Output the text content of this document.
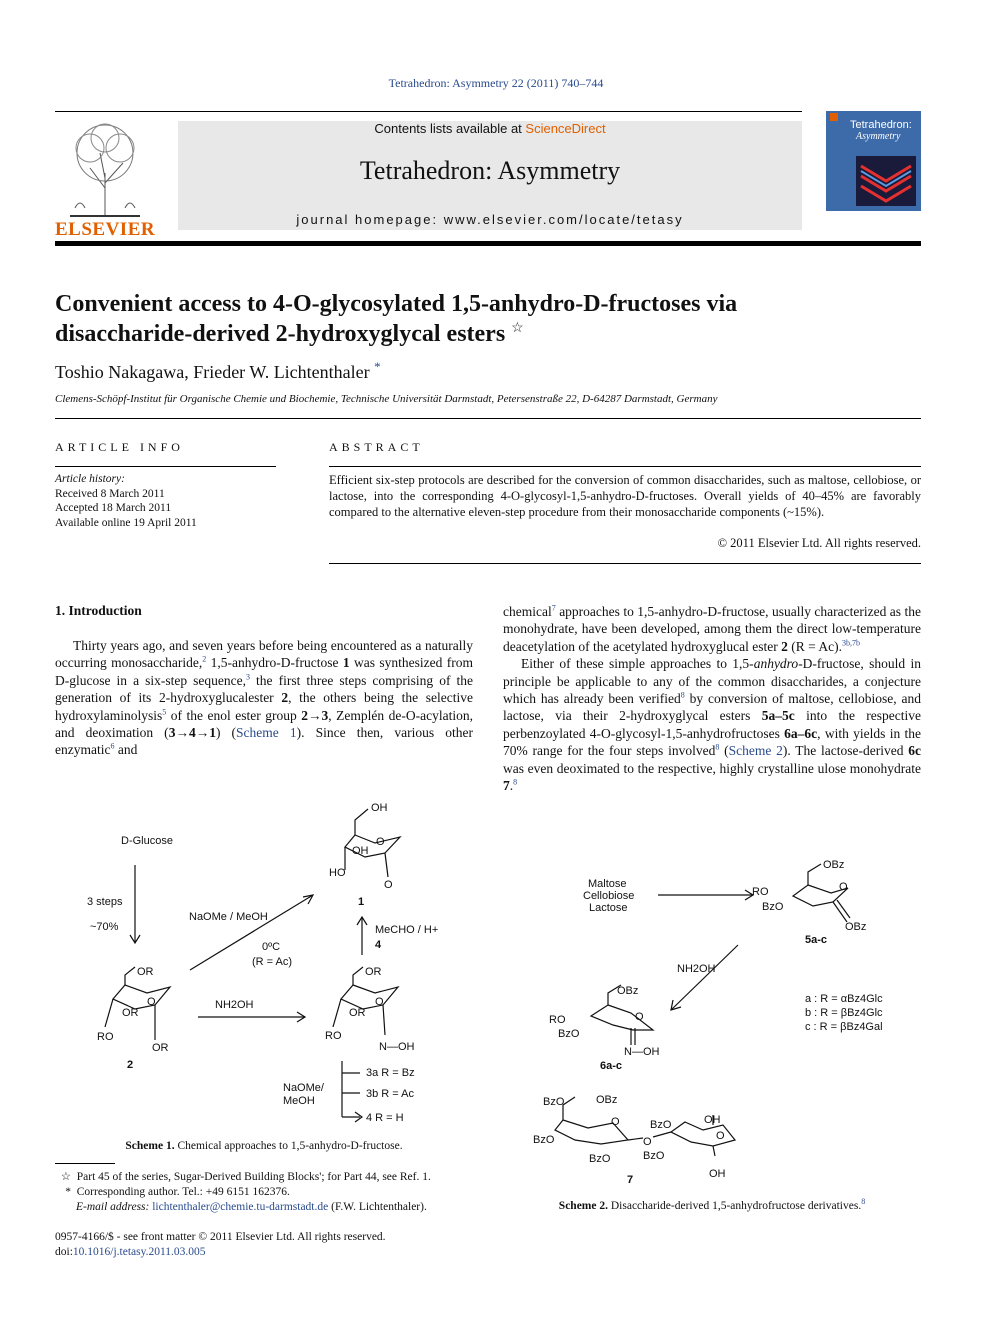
Tetrahedron: Asymmetry 22 (2011) 740–744
ELSEVIER
Contents lists available at ScienceDirect
Tetrahedron: Asymmetry
journal homepage: www.elsevier.com/locate/tetasy
Tetrahedron:
Asymmetry
Convenient access to 4-O-glycosylated 1,5-anhydro-D-fructoses via
disaccharide-derived 2-hydroxyglycal esters ☆
Toshio Nakagawa, Frieder W. Lichtenthaler *
Clemens-Schöpf-Institut für Organische Chemie und Biochemie, Technische Universität Darmstadt, Petersenstraße 22, D-64287 Darmstadt, Germany
ARTICLE INFO
Article history:
Received 8 March 2011
Accepted 18 March 2011
Available online 19 April 2011
ABSTRACT
Efficient six-step protocols are described for the conversion of common disaccharides, such as maltose, cellobiose, or lactose, into the corresponding 4-O-glycosyl-1,5-anhydro-D-fructoses. Overall yields of 40–45% are favorably compared to the alternative eleven-step procedure from their monosaccharide components (~15%).
© 2011 Elsevier Ltd. All rights reserved.
1. Introduction

Thirty years ago, and seven years before being encountered as a naturally occurring monosaccharide,$^2$ 1,5-anhydro-D-fructose 1 was synthesized from D-glucose in a six-step sequence,$^3$ the first three steps comprising of the generation of its 2-hydroxyglucalester 2, the others being the selective hydroxylaminolysis$^5$ of the enol ester group 2→3, Zemplén de-O-acylation, and deoximation (3→4→1) (Scheme 1). Since then, various other enzymatic$^6$ and

chemical$^7$ approaches to 1,5-anhydro-D-fructose, usually characterized as the monohydrate, have been developed, among them the direct low-temperature deacetylation of the acetylated hydroxyglucal ester 2 (R = Ac).$^{3b,7b}$

Either of these simple approaches to 1,5-anhydro-D-fructose, should in principle be applicable to any of the common disaccharides, a conjecture which has already been verified$^8$ by conversion of maltose, cellobiose, and lactose, via their 2-hydroxyglycal esters 5a–5c into the respective perbenzoylated 4-O-glycosyl-1,5-anhydrofructoses 6a–6c, with yields in the 70% range for the four steps involved$^8$ (Scheme 2). The lactose-derived 6c was even deoximated to the respective, highly crystalline ulose monohydrate 7.$^8$

OH
O
OH
HO
O
1
D-Glucose
3 steps
~70%
NaOMe / MeOH
0ºC
(R = Ac)
MeCHO / H+
4
OR
O
OR
RO
OR
2
NH2OH
OR
O
OR
RO
N—OH
NaOMe/
MeOH
3a R = Bz
3b R = Ac
4 R = H
Scheme 1. Chemical approaches to 1,5-anhydro-D-fructose.
OBz
O
RO
BzO
OBz
5a-c
Maltose
Cellobiose
Lactose
NH2OH
OBz
O
RO
BzO
N—OH
6a-c
a : R = αBz4Glc
b : R = βBz4Glc
c : R = βBz4Gal
BzO	OBz
O
BzO
BzO
O
BzO	OH
O
BzO
OH
7
Scheme 2. Disaccharide-derived 1,5-anhydrofructose derivatives.$^8$
☆ Part 45 of the series, Sugar-Derived Building Blocks'; for Part 44, see Ref. 1.
* Corresponding author. Tel.: +49 6151 162376.
E-mail address: lichtenthaler@chemie.tu-darmstadt.de (F.W. Lichtenthaler).
0957-4166/$ - see front matter © 2011 Elsevier Ltd. All rights reserved.
doi:10.1016/j.tetasy.2011.03.005
